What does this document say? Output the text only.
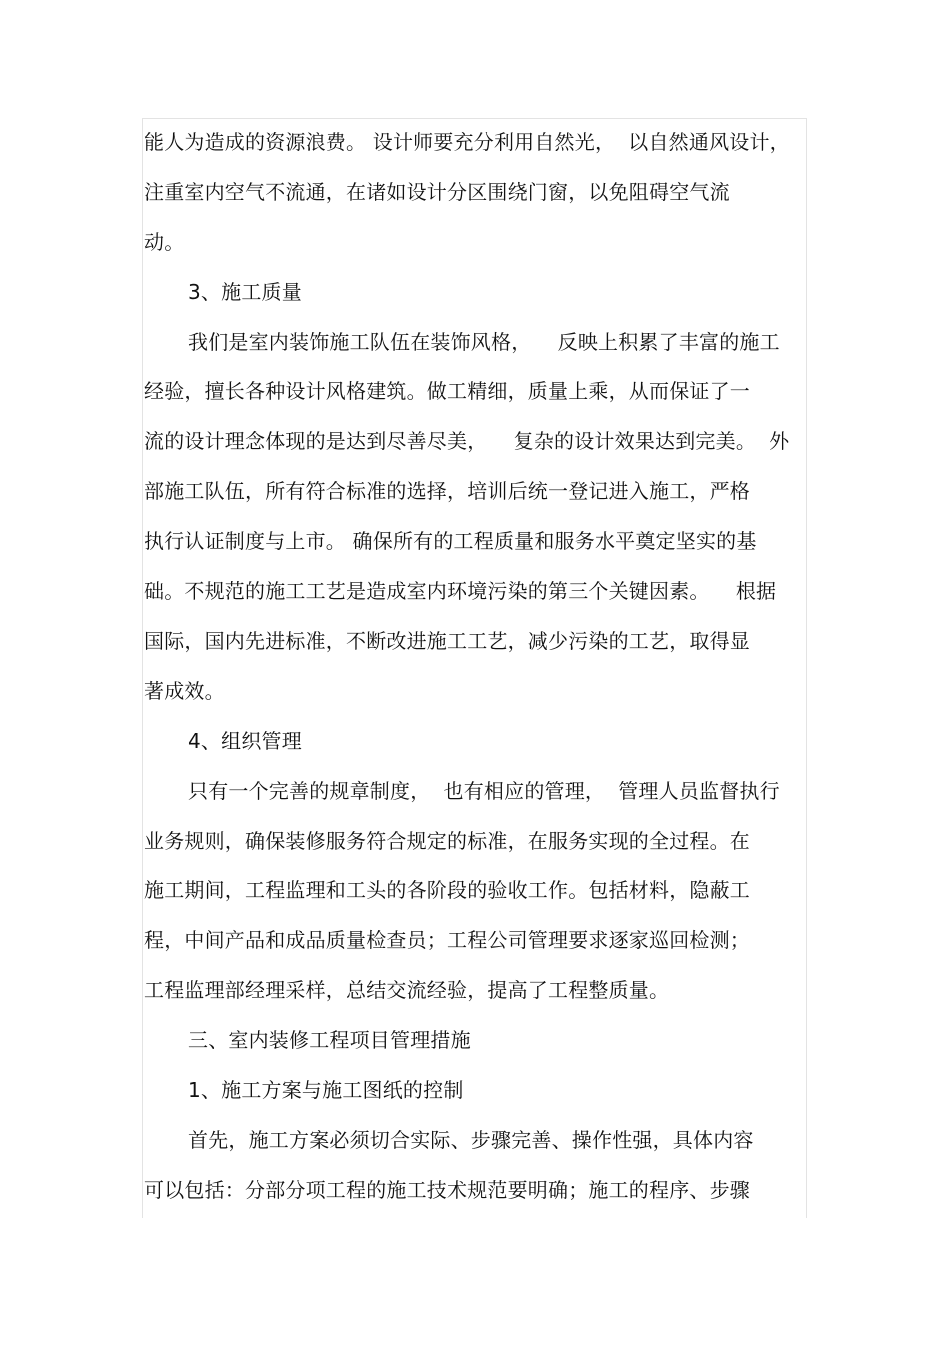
能人为造成的资源浪费。 设计师要充分利用自然光，  以自然通风设计，
注重室内空气不流通，在诸如设计分区围绕门窗，以免阻碍空气流
动。
3、施工质量
我们是室内装饰施工队伍在装饰风格，    反映上积累了丰富的施工
经验，擅长各种设计风格建筑。做工精细，质量上乘，从而保证了一
流的设计理念体现的是达到尽善尽美，    复杂的设计效果达到完美。  外
部施工队伍，所有符合标准的选择，培训后统一登记进入施工，严格
执行认证制度与上市。 确保所有的工程质量和服务水平奠定坚实的基
础。不规范的施工工艺是造成室内环境污染的第三个关键因素。    根据
国际，国内先进标准，不断改进施工工艺，减少污染的工艺，取得显
著成效。
4、组织管理
只有一个完善的规章制度，  也有相应的管理，  管理人员监督执行
业务规则，确保装修服务符合规定的标准，在服务实现的全过程。在
施工期间，工程监理和工头的各阶段的验收工作。包括材料，隐蔽工
程，中间产品和成品质量检查员；工程公司管理要求逐家巡回检测；
工程监理部经理采样，总结交流经验，提高了工程整质量。
三、室内装修工程项目管理措施
1、施工方案与施工图纸的控制
首先，施工方案必须切合实际、步骤完善、操作性强，具体内容
可以包括：分部分项工程的施工技术规范要明确；施工的程序、步骤
